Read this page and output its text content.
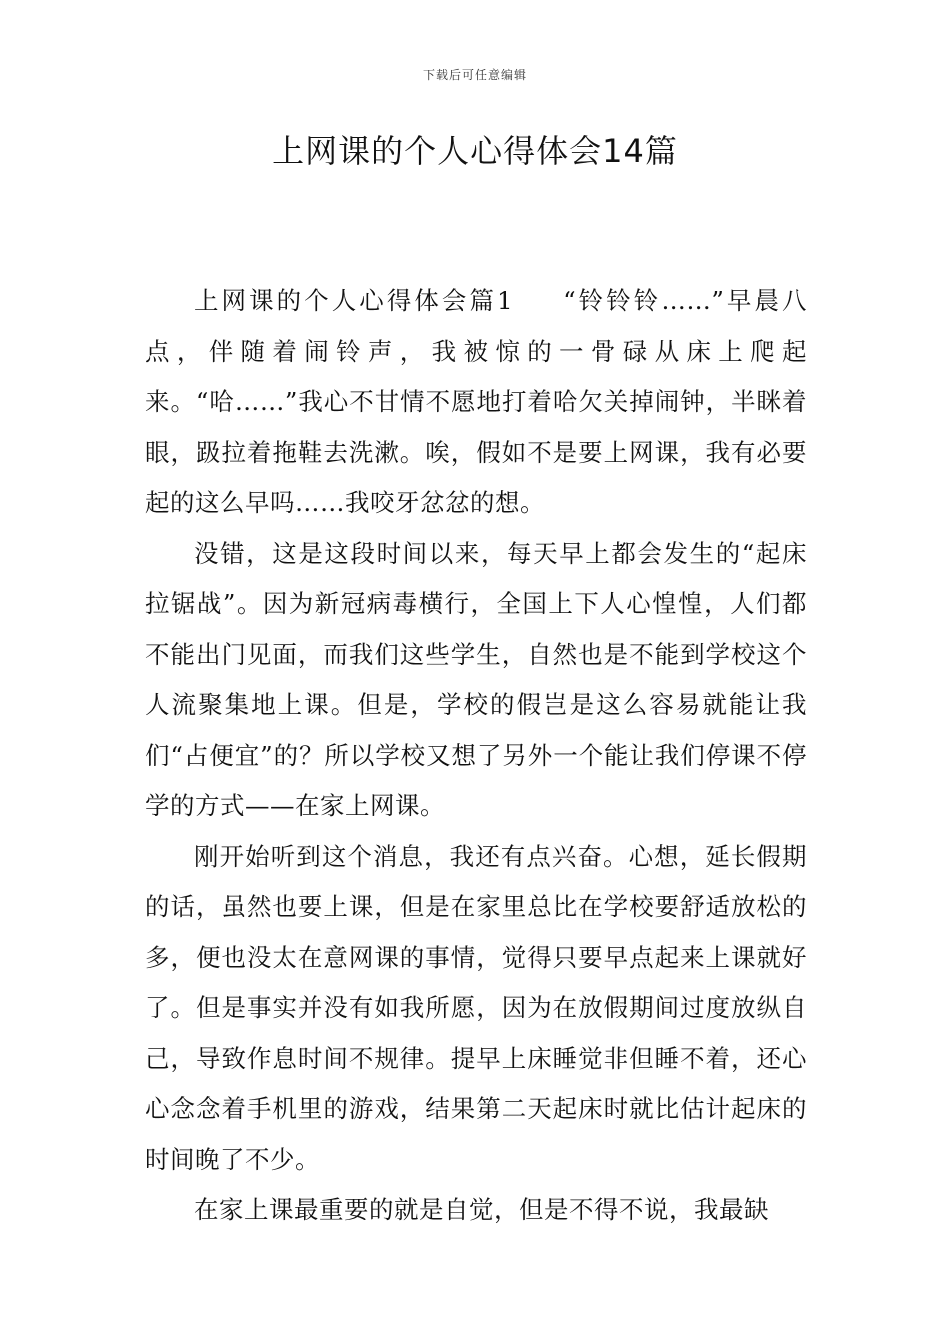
下载后可任意编辑
上网课的个人心得体会14篇

上网课的个人心得体会篇1 “铃铃铃……”早晨八点，伴随着闹铃声，我被惊的一骨碌从床上爬起来。“哈……”我心不甘情不愿地打着哈欠关掉闹钟，半眯着眼，趿拉着拖鞋去洗漱。唉，假如不是要上网课，我有必要起的这么早吗……我咬牙忿忿的想。

没错，这是这段时间以来，每天早上都会发生的“起床拉锯战”。因为新冠病毒横行，全国上下人心惶惶，人们都不能出门见面，而我们这些学生，自然也是不能到学校这个人流聚集地上课。但是，学校的假岂是这么容易就能让我们“占便宜”的？所以学校又想了另外一个能让我们停课不停学的方式——在家上网课。

刚开始听到这个消息，我还有点兴奋。心想，延长假期的话，虽然也要上课，但是在家里总比在学校要舒适放松的多，便也没太在意网课的事情，觉得只要早点起来上课就好了。但是事实并没有如我所愿，因为在放假期间过度放纵自己，导致作息时间不规律。提早上床睡觉非但睡不着，还心心念念着手机里的游戏，结果第二天起床时就比估计起床的时间晚了不少。

在家上课最重要的就是自觉，但是不得不说，我最缺
